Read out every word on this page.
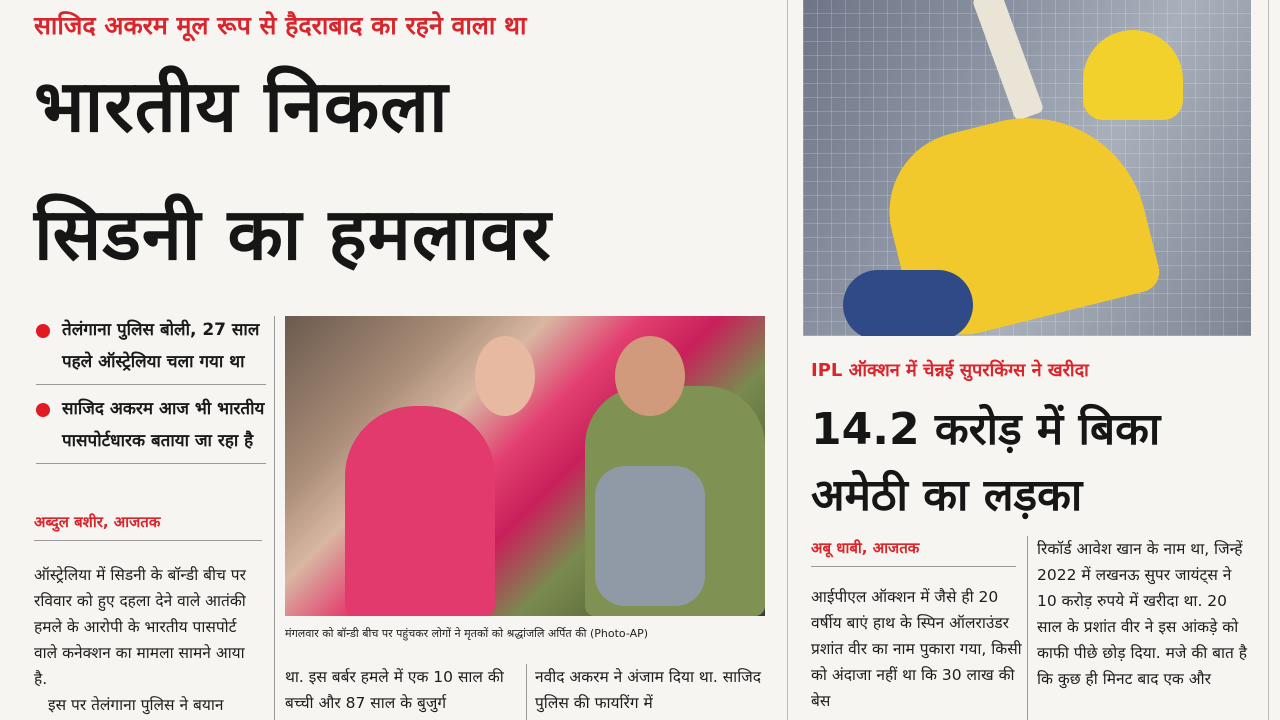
साजिद अकरम मूल रूप से हैदराबाद का रहने वाला था
भारतीय निकला
सिडनी का हमलावर
तेलंगाना पुलिस बोली, 27 साल पहले ऑस्ट्रेलिया चला गया था
साजिद अकरम आज भी भारतीय पासपोर्टधारक बताया जा रहा है
अब्दुल बशीर, आजतक
ऑस्ट्रेलिया में सिडनी के बॉन्डी बीच पर रविवार को हुए दहला देने वाले आतंकी हमले के आरोपी के भारतीय पासपोर्ट वाले कनेक्शन का मामला सामने आया है.
इस पर तेलंगाना पुलिस ने बयान
मंगलवार को बॉन्डी बीच पर पहुंचकर लोगों ने मृतकों को श्रद्धांजलि अर्पित की (Photo-AP)
था. इस बर्बर हमले में एक 10 साल की बच्ची और 87 साल के बुजुर्ग
नवीद अकरम ने अंजाम दिया था. साजिद पुलिस की फायरिंग में
IPL ऑक्शन में चेन्नई सुपरकिंग्स ने खरीदा
14.2 करोड़ में बिका
अमेठी का लड़का
अबू धाबी, आजतक
आईपीएल ऑक्शन में जैसे ही 20 वर्षीय बाएं हाथ के स्पिन ऑलराउंडर प्रशांत वीर का नाम पुकारा गया, किसी को अंदाजा नहीं था कि 30 लाख की बेस
रिकॉर्ड आवेश खान के नाम था, जिन्हें 2022 में लखनऊ सुपर जायंट्स ने 10 करोड़ रुपये में खरीदा था. 20 साल के प्रशांत वीर ने इस आंकड़े को काफी पीछे छोड़ दिया. मजे की बात है कि कुछ ही मिनट बाद एक और
